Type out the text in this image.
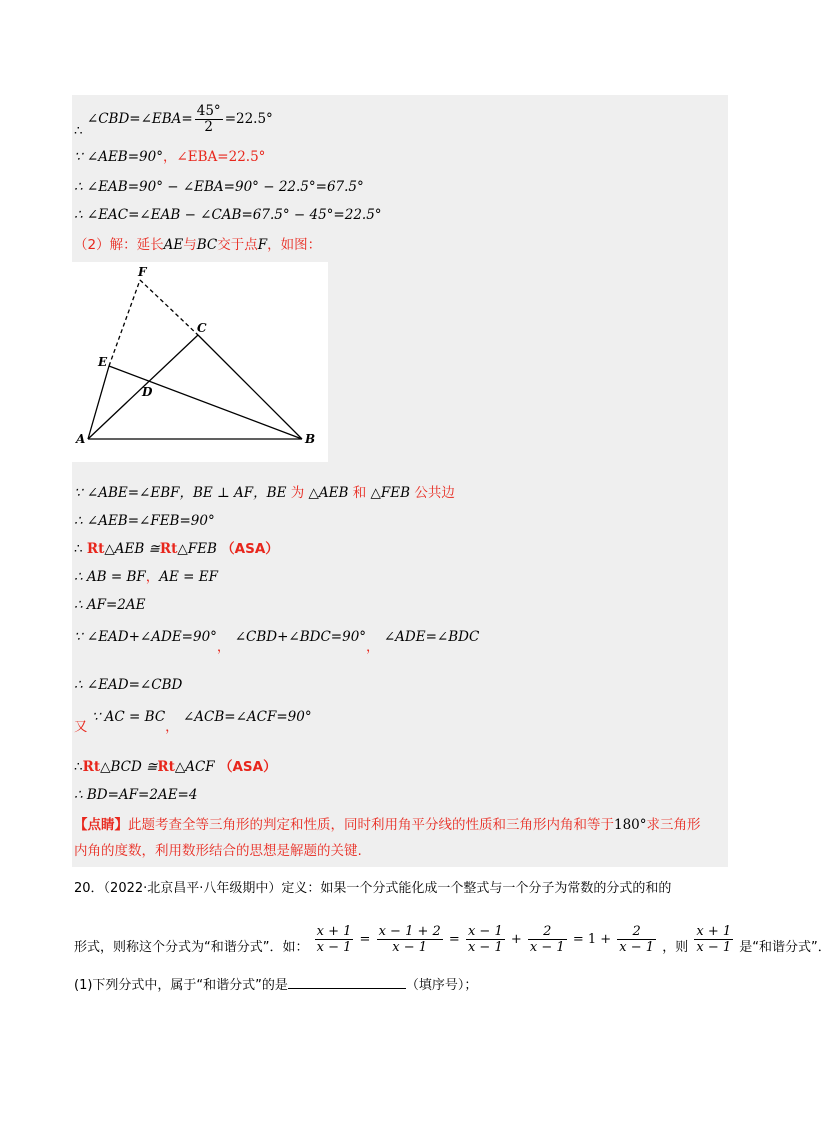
∴ ∠CBD=∠EBA= $\frac{45^\circ}{2} =22.5^\circ$
∵ ∠AEB=90°，∠EBA=22.5°
∴ ∠EAB=90° − ∠EBA=90° − 22.5°=67.5°
∴ ∠EAC=∠EAB − ∠CAB=67.5° − 45°=22.5°
（2）解：延长AE与BC交于点F，如图：
F
C
E
D
A	B
∵ ∠ABE=∠EBF，BE ⊥ AF，BE 为 △AEB 和 △FEB 公共边
∴ ∠AEB=∠FEB=90°
∴ Rt△AEB ≅Rt△FEB （ASA）
∴ AB = BF，AE = EF
∴ AF=2AE
∵ ∠EAD+∠ADE=90°， ∠CBD+∠BDC=90°， ∠ADE=∠BDC
∴ ∠EAD=∠CBD
又 ∵ AC = BC， ∠ACB=∠ACF=90°
∴Rt△BCD ≅Rt△ACF （ASA）
∴ BD=AF=2AE=4
【点睛】此题考查全等三角形的判定和性质，同时利用角平分线的性质和三角形内角和等于180°求三角形
内角的度数，利用数形结合的思想是解题的关键.
20．（2022·北京昌平·八年级期中）定义：如果一个分式能化成一个整式与一个分子为常数的分式的和的
形式，则称这个分式为“和谐分式”．如： $\frac{x + 1}{x - 1} = \frac{x - 1 + 2}{x - 1} = \frac{x - 1}{x - 1} + \frac{2}{x - 1} = 1 + \frac{2}{x - 1}$ ，则 $\frac{x + 1}{x - 1}$ 是“和谐分式”．
(1)下列分式中，属于“和谐分式”的是	（填序号）；
